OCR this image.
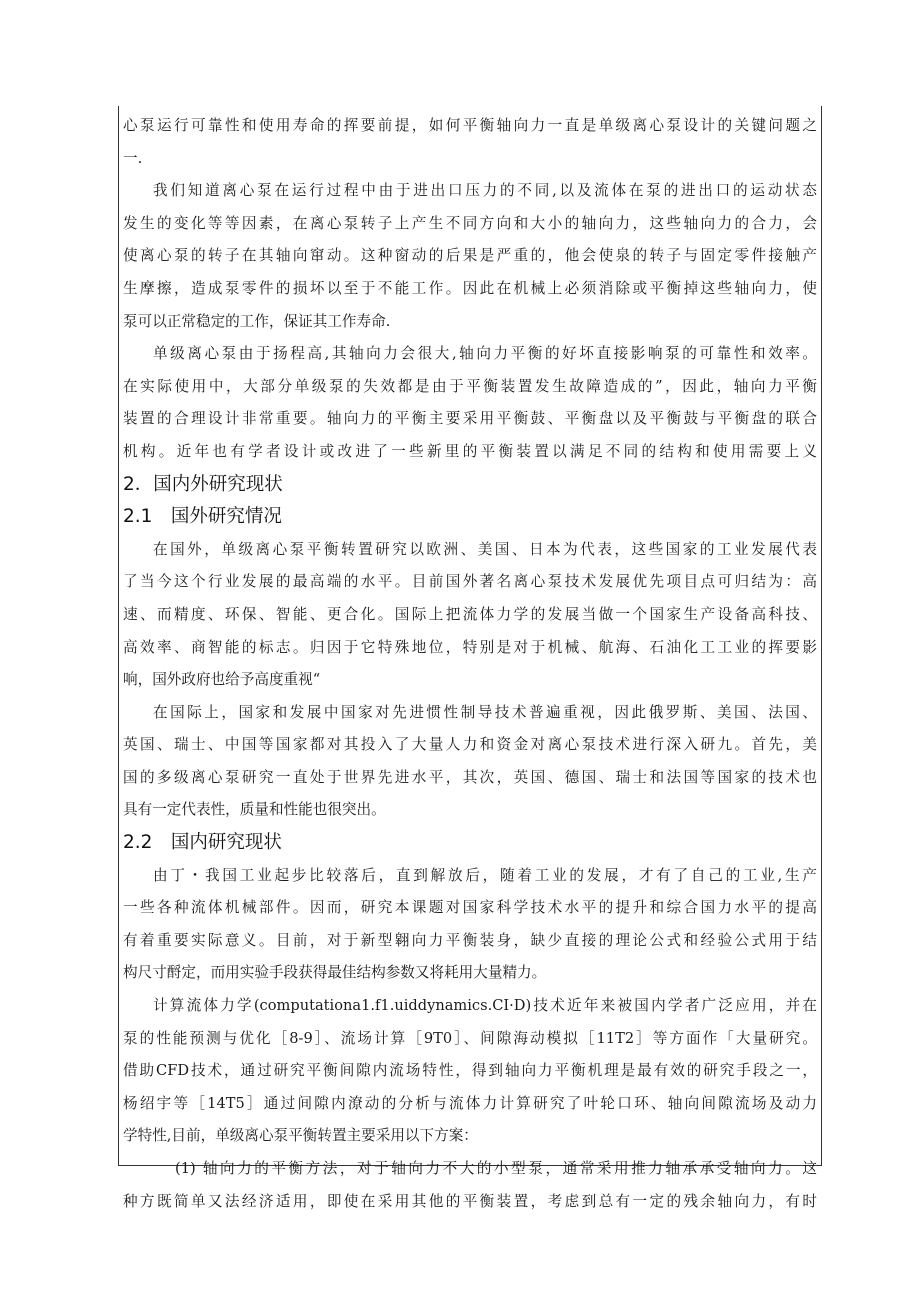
心泵运行可靠性和使用寿命的挥要前提，如何平衡轴向力一直是单级离心泵设计的关键问题之
一.
我们知道离心泵在运行过程中由于进出口压力的不同,以及流体在泵的进出口的运动状态
发生的变化等等因素，在离心泵转子上产生不同方向和大小的轴向力，这些轴向力的合力，会
使离心泵的转子在其轴向窜动。这种窗动的后果是严重的，他会使泉的转子与固定零件接触产
生摩擦，造成泵零件的损坏以至于不能工作。因此在机械上必须消除或平衡掉这些轴向力，使
泵可以正常稳定的工作，保证其工作寿命.
单级离心泵由于扬程高,其轴向力会很大,轴向力平衡的好坏直接影响泵的可靠性和效率。
在实际使用中，大部分单级泵的失效都是由于平衡装置发生故障造成的”，因此，轴向力平衡
装置的合理设计非常重要。轴向力的平衡主要采用平衡鼓、平衡盘以及平衡鼓与平衡盘的联合
机构。近年也有学者设计或改进了一些新里的平衡装置以满足不同的结构和使用需要上义
2．国内外研究现状
2.1　国外研究情况
在国外，单级离心泵平衡转置研究以欧洲、美国、日本为代表，这些国家的工业发展代表
了当今这个行业发展的最高端的水平。目前国外著名离心泵技术发展优先项目点可归结为：高
速、而精度、环保、智能、更合化。国际上把流体力学的发展当做一个国家生产设备高科技、
高效率、商智能的标志。归因于它特殊地位，特别是对于机械、航海、石油化工工业的挥要影
响，国外政府也给予高度重视“
在国际上，国家和发展中国家对先进惯性制导技术普遍重视，因此俄罗斯、美国、法国、
英国、瑞士、中国等国家都对其投入了大量人力和资金对离心泵技术进行深入研九。首先，美
国的多级离心泵研究一直处于世界先进水平，其次，英国、德国、瑞士和法国等国家的技术也
具有一定代表性，质量和性能也很突出。
2.2　国内研究现状
由丁・我国工业起步比较落后，直到解放后，随着工业的发展，才有了自己的工业,生产
一些各种流体机械部件。因而，研究本课题对国家科学技术水平的提升和综合国力水平的提高
有着重要实际意义。目前，对于新型翱向力平衡装身，缺少直接的理论公式和经验公式用于结
构尺寸酹定，而用实验手段获得最佳结构参数又将耗用大量精力。
计算流体力学(computationa1.f1.uiddynamics.CI·D)技术近年来被国内学者广泛应用，并在
泵的性能预测与优化［8-9］、流场计算［9T0］、间隙海动模拟［11T2］等方面作「大量研究。
借助CFD技术，通过研究平衡间隙内流场特性，得到轴向力平衡机理是最有效的研究手段之一，
杨绍宇等［14T5］通过间隙内潦动的分析与流体力计算研究了叶轮口环、轴向间隙流场及动力
学特性,目前，单级离心泵平衡转置主要采用以下方案：
(1) 轴向力的平衡方法，对于轴向力不大的小型泵，通常采用推力轴承承受轴向力。这
种方既简单又法经济适用，即使在采用其他的平衡装置，考虑到总有一定的残余轴向力，有时
